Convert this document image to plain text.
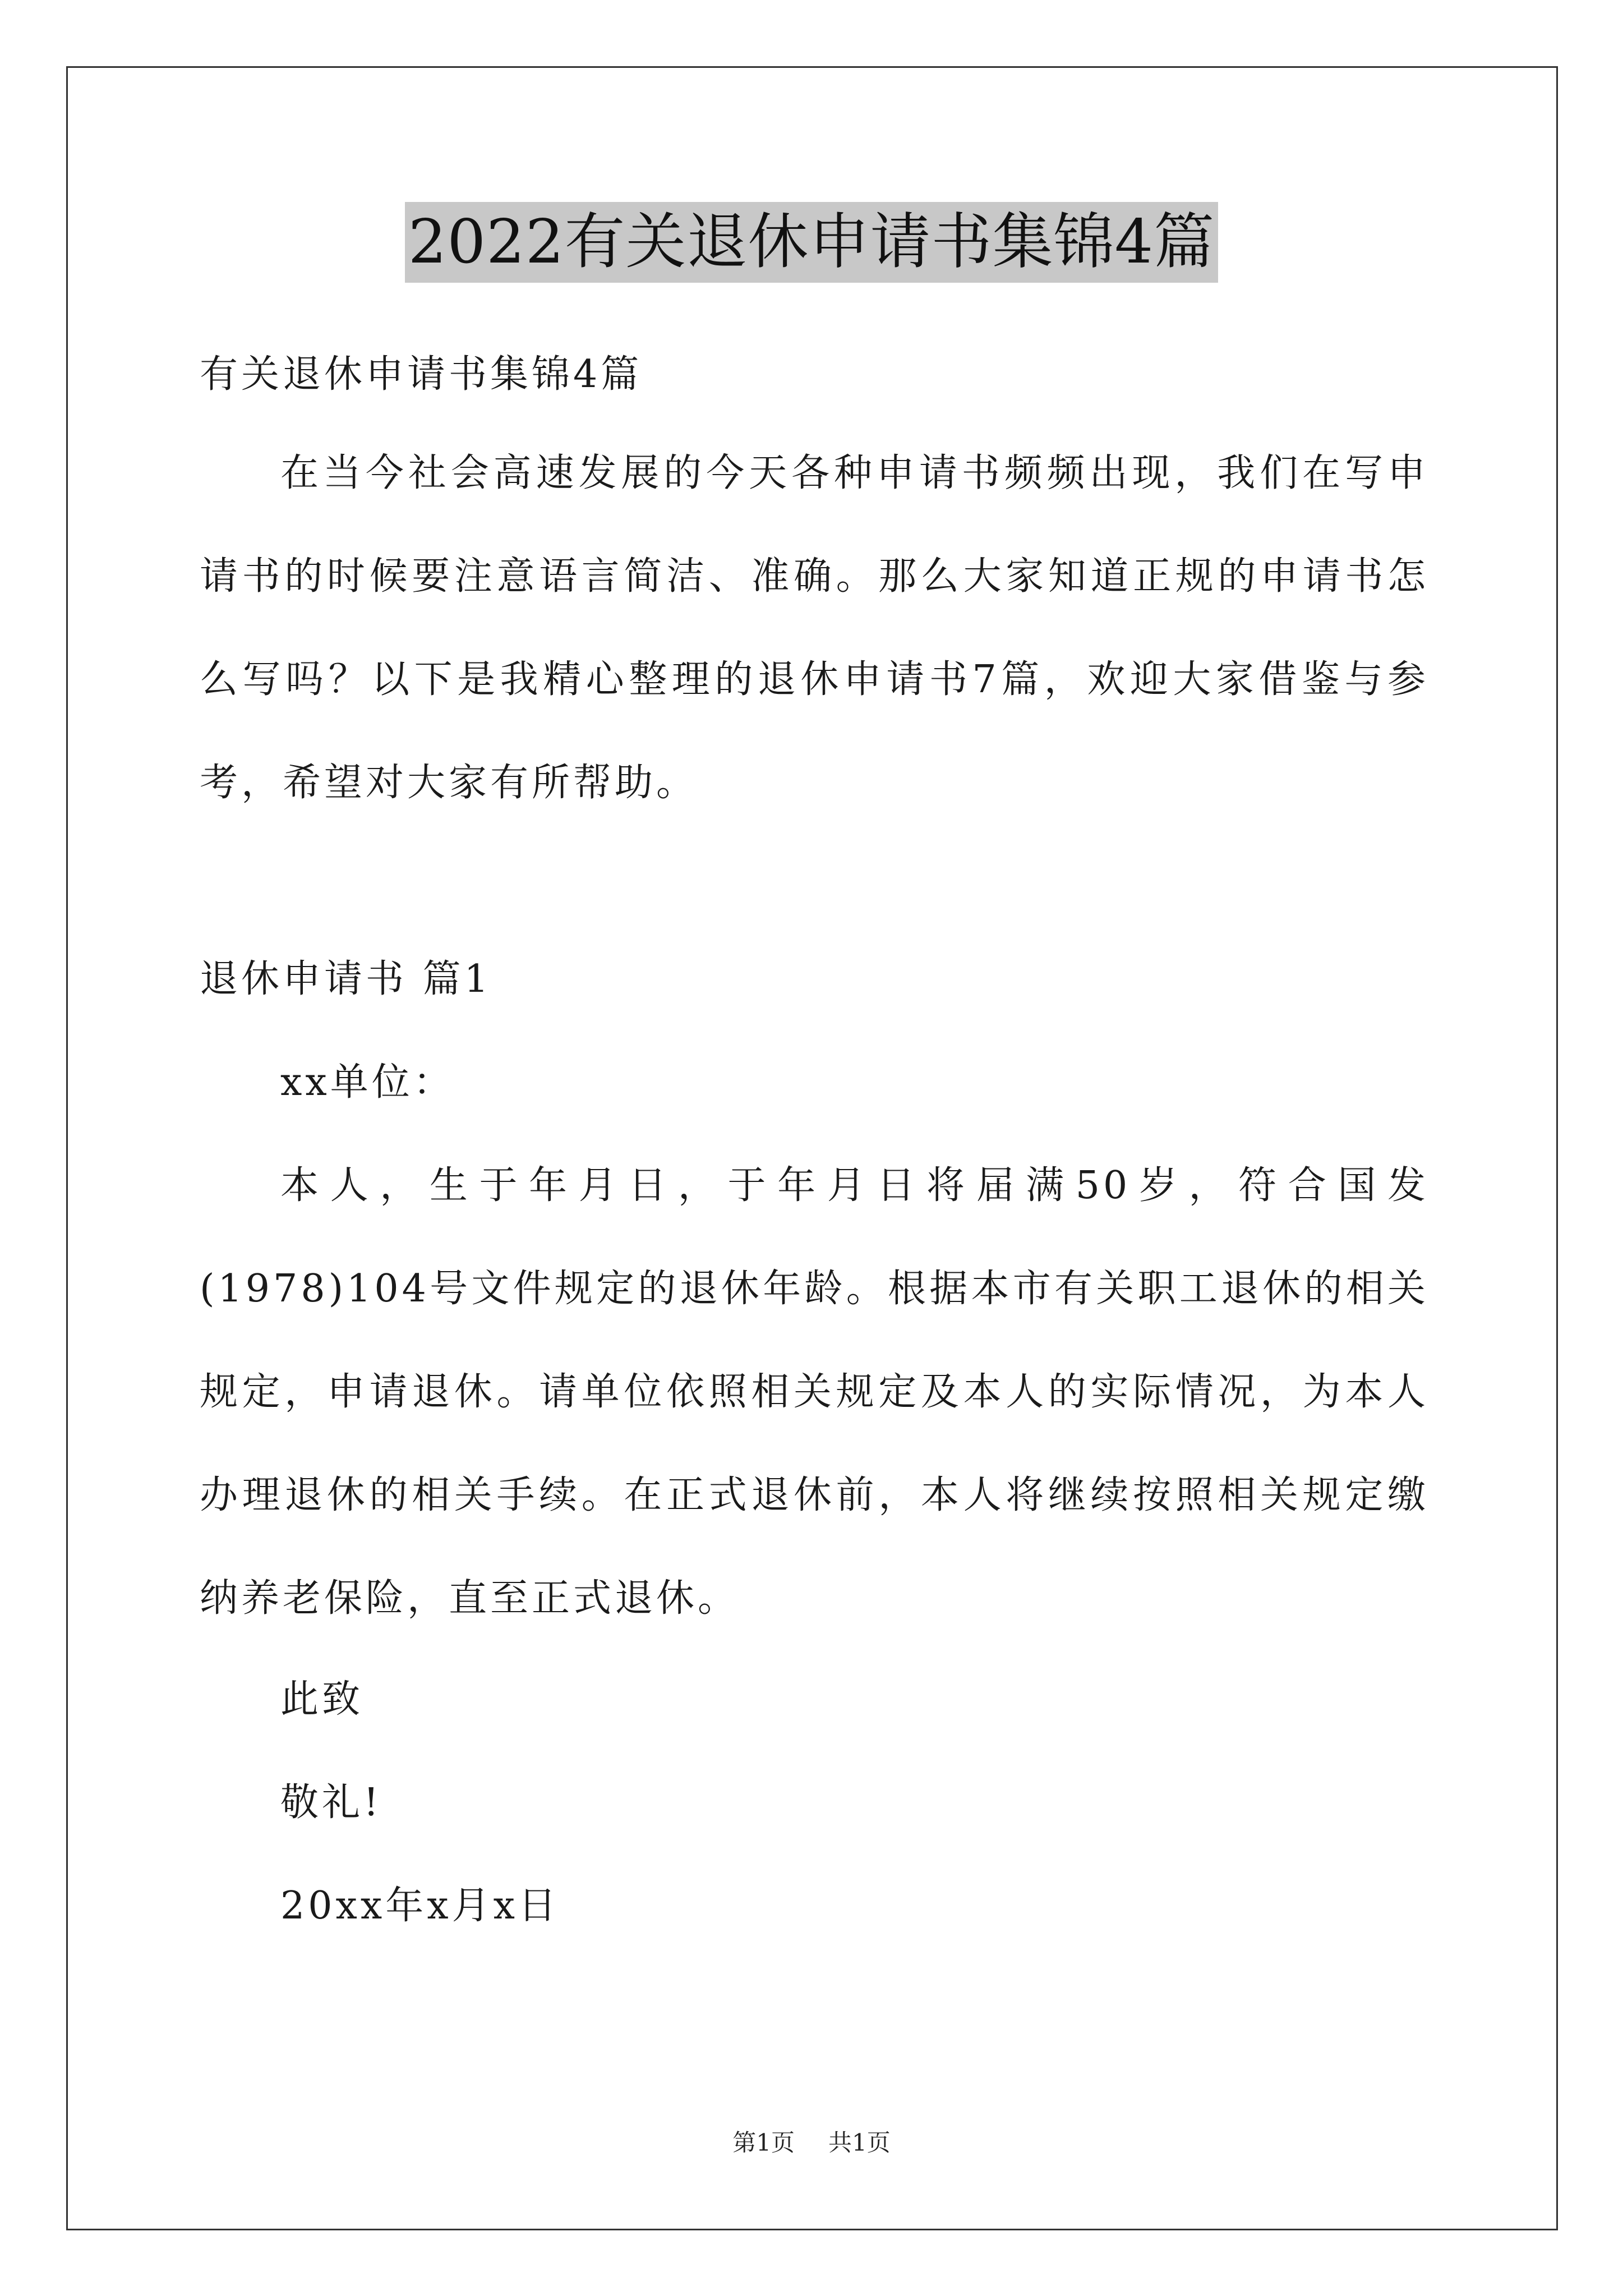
2022有关退休申请书集锦4篇

有关退休申请书集锦4篇

在当今社会高速发展的今天各种申请书频频出现，我们在写申请书的时候要注意语言简洁、准确。那么大家知道正规的申请书怎么写吗？以下是我精心整理的退休申请书7篇，欢迎大家借鉴与参考，希望对大家有所帮助。

退休申请书 篇1

xx单位：

本人，生于年月日，于年月日将届满50岁，符合国发(1978)104号文件规定的退休年龄。根据本市有关职工退休的相关规定，申请退休。请单位依照相关规定及本人的实际情况，为本人办理退休的相关手续。在正式退休前，本人将继续按照相关规定缴纳养老保险，直至正式退休。

此致

敬礼!

20xx年x月x日

第1页 共1页
